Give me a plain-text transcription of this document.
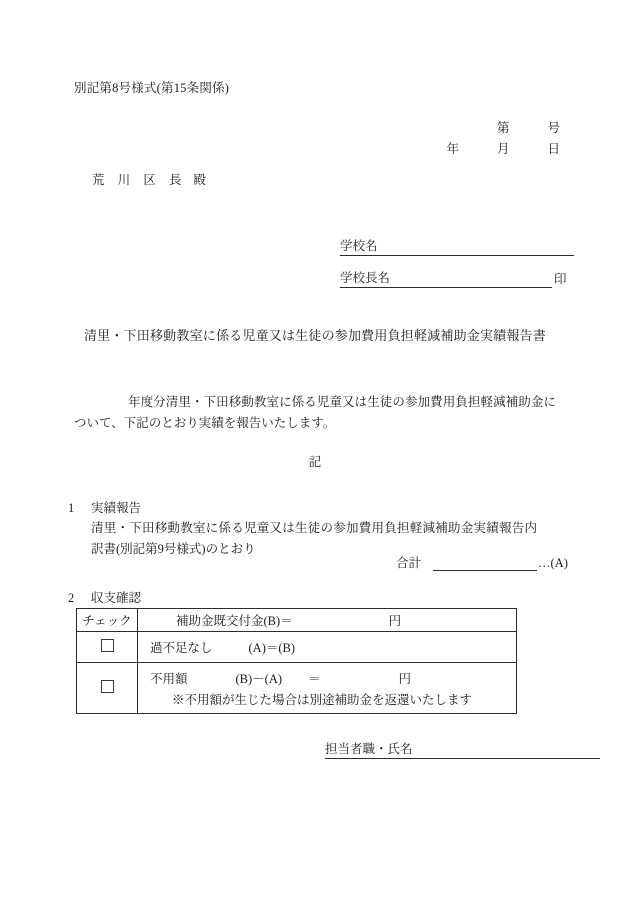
別記第8号様式(第15条関係)
第	号
年	月	日
荒 川 区 長 殿
学校名
学校長名	印
清里・下田移動教室に係る児童又は生徒の参加費用負担軽減補助金実績報告書
年度分清里・下田移動教室に係る児童又は生徒の参加費用負担軽減補助金について、下記のとおり実績を報告いたします。
記
1 実績報告
清里・下田移動教室に係る児童又は生徒の参加費用負担軽減補助金実績報告内訳書(別記第9号様式)のとおり
合計	…(A)
2 収支確認
チェック	補助金既交付金(B)＝ 円

	過不足なし (A)＝(B)

	不用額 (B)－(A) ＝ 円
※不用額が生じた場合は別途補助金を返還いたします
担当者職・氏名
